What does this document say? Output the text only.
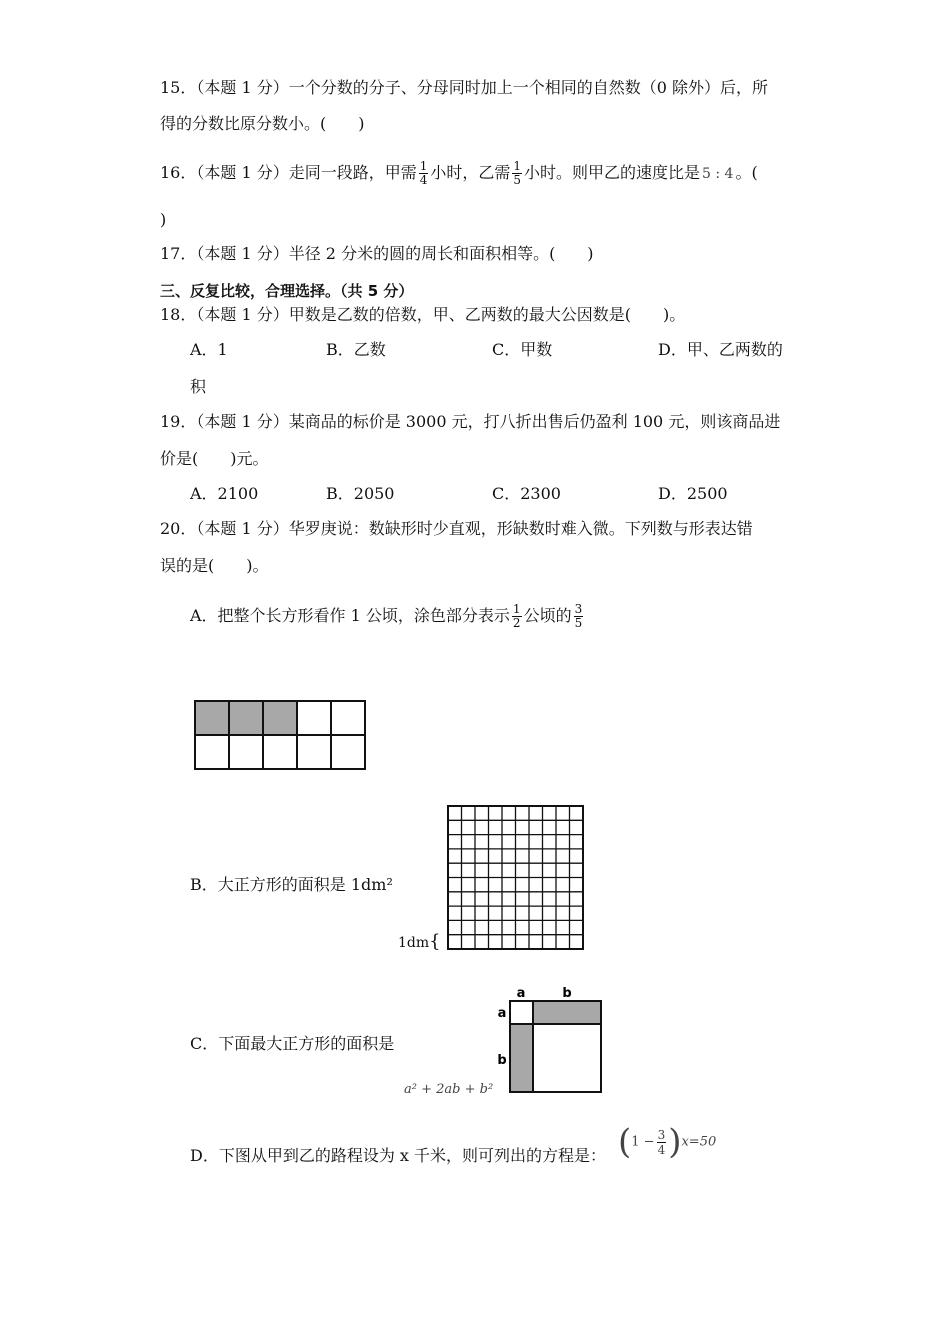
15．（本题 1 分）一个分数的分子、分母同时加上一个相同的自然数（0 除外）后，所
得的分数比原分数小。(　　)
16．（本题 1 分）走同一段路，甲需 $\frac{1}{4}$ 小时，乙需 $\frac{1}{5}$ 小时。则甲乙的速度比是 5 : 4 。(
)
17．（本题 1 分）半径 2 分米的圆的周长和面积相等。(　　)
三、反复比较，合理选择。（共 5 分）
18．（本题 1 分）甲数是乙数的倍数，甲、乙两数的最大公因数是(　　)。
A．1	B．乙数	C．甲数	D．甲、乙两数的
积
19．（本题 1 分）某商品的标价是 3000 元，打八折出售后仍盈利 100 元，则该商品进
价是(　　)元。
A．2100	B．2050	C．2300	D．2500
20．（本题 1 分）华罗庚说：数缺形时少直观，形缺数时难入微。下列数与形表达错
误的是(　　)。
A．把整个长方形看作 1 公顷，涂色部分表示 $\frac{1}{2}$ 公顷的 $\frac{3}{5}$
B．大正方形的面积是 1dm²
1dm{
C．下面最大正方形的面积是
a² + 2ab + b²
a	b
a
b
D．下图从甲到乙的路程设为 x 千米，则可列出的方程是： $(1 - \frac{3}{4} )x=50$
